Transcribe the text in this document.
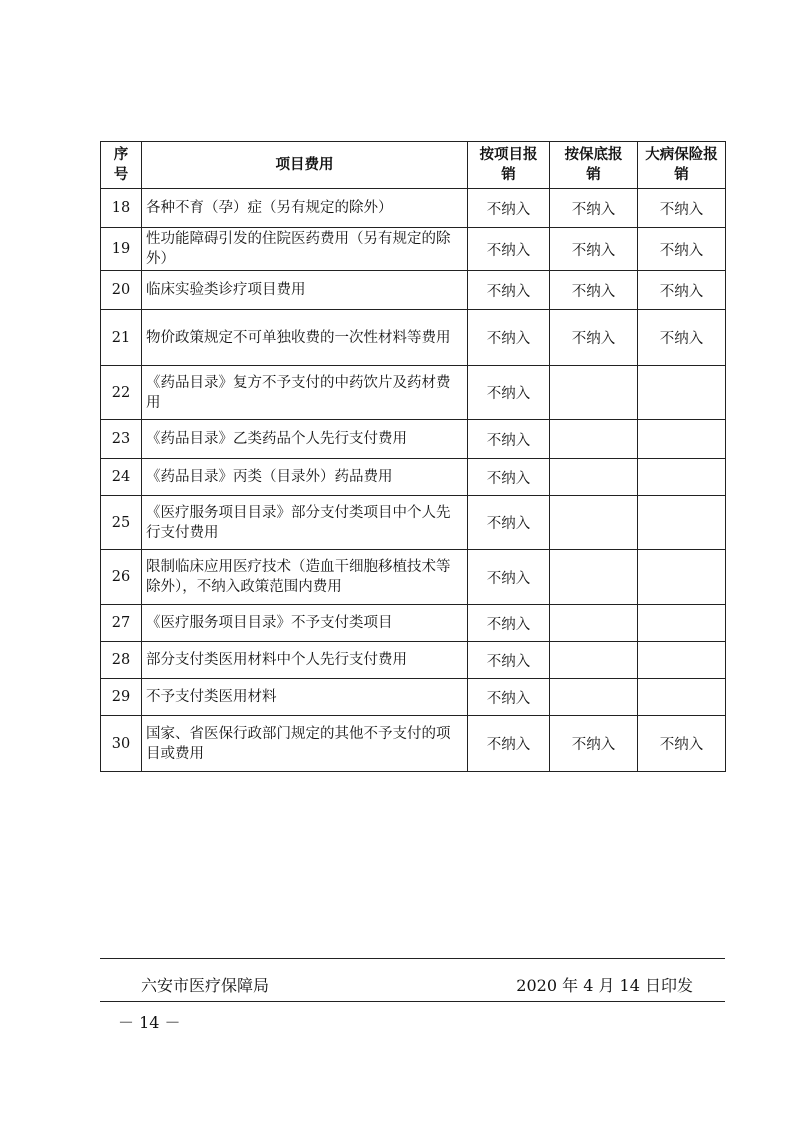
序号	项目费用	按项目报销	按保底报销	大病保险报销

18	各种不育（孕）症（另有规定的除外）	不纳入	不纳入	不纳入
19	性功能障碍引发的住院医药费用（另有规定的除外）	不纳入	不纳入	不纳入
20	临床实验类诊疗项目费用	不纳入	不纳入	不纳入
21	物价政策规定不可单独收费的一次性材料等费用	不纳入	不纳入	不纳入
22	《药品目录》复方不予支付的中药饮片及药材费用	不纳入		
23	《药品目录》乙类药品个人先行支付费用	不纳入		
24	《药品目录》丙类（目录外）药品费用	不纳入		
25	《医疗服务项目目录》部分支付类项目中个人先行支付费用	不纳入		
26	限制临床应用医疗技术（造血干细胞移植技术等除外），不纳入政策范围内费用	不纳入		
27	《医疗服务项目目录》不予支付类项目	不纳入		
28	部分支付类医用材料中个人先行支付费用	不纳入		
29	不予支付类医用材料	不纳入		
30	国家、省医保行政部门规定的其他不予支付的项目或费用	不纳入	不纳入	不纳入
六安市医疗保障局	2020 年 4 月 14 日印发
－ 14 －
